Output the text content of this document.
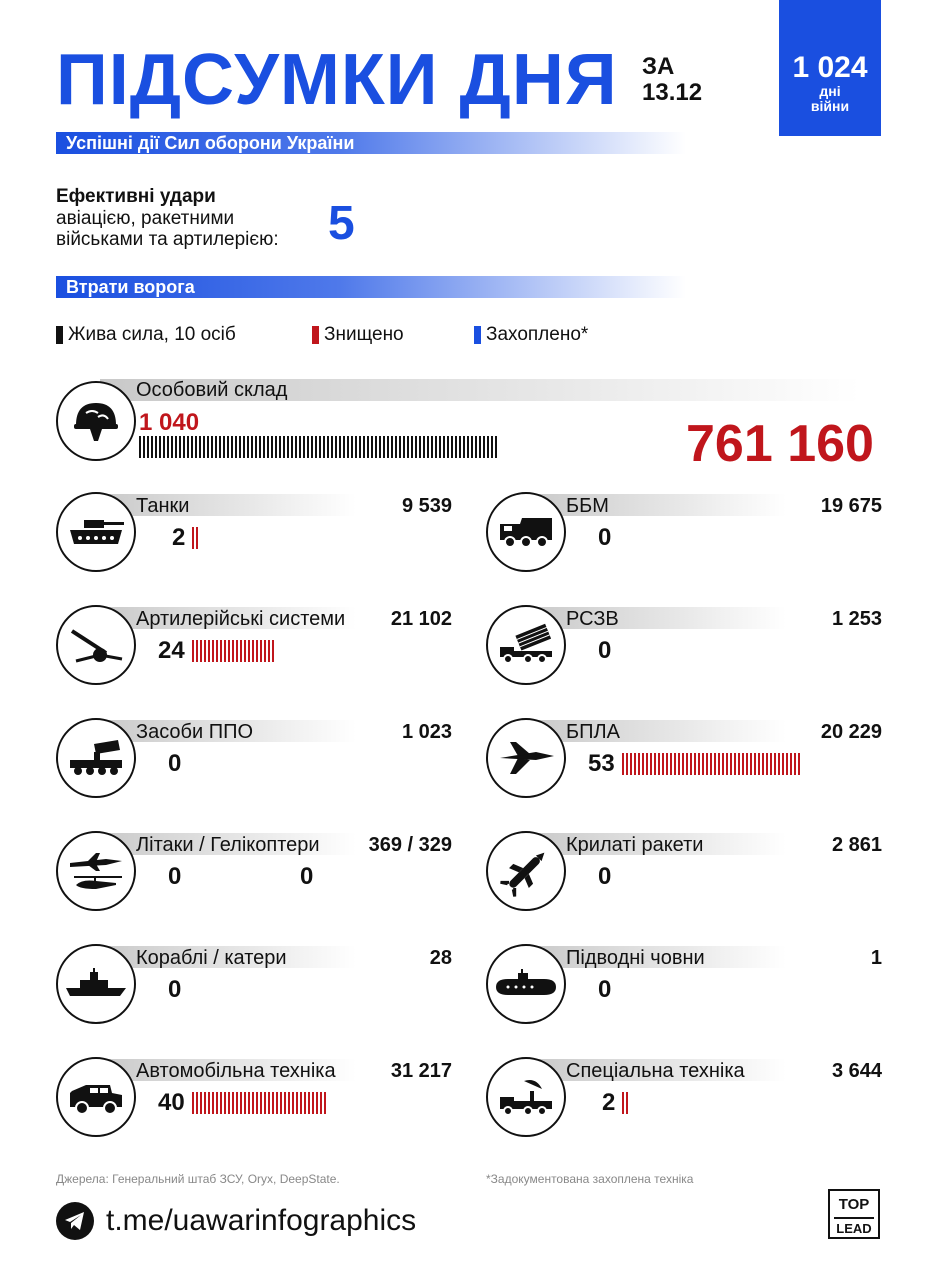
ПІДСУМКИ ДНЯ ЗА
13.12
1 024
дні
війни
Успішні дії Сил оборони України
Ефективні удари
авіацією, ракетними
військами та артилерією: 5
Втрати ворога
Жива сила, 10 осіб	Знищено	Захоплено*
Особовий склад
1 040	761 160
Танки	9 539
2
Артилерійські системи	21 102
24
Засоби ППО	1 023
0
Літаки / Гелікоптери	369 / 329
0	0
Кораблі / катери	28
0
Автомобільна техніка	31 217
40
ББМ	19 675
0
РСЗВ	1 253
0
БПЛА	20 229
53
Крилаті ракети	2 861
0
Підводні човни	1
0
Спеціальна техніка	3 644
2
Джерела: Генеральний штаб ЗСУ, Oryx, DeepState.	*Задокументована захоплена техніка
t.me/uawarinfographics	TOP
LEAD
